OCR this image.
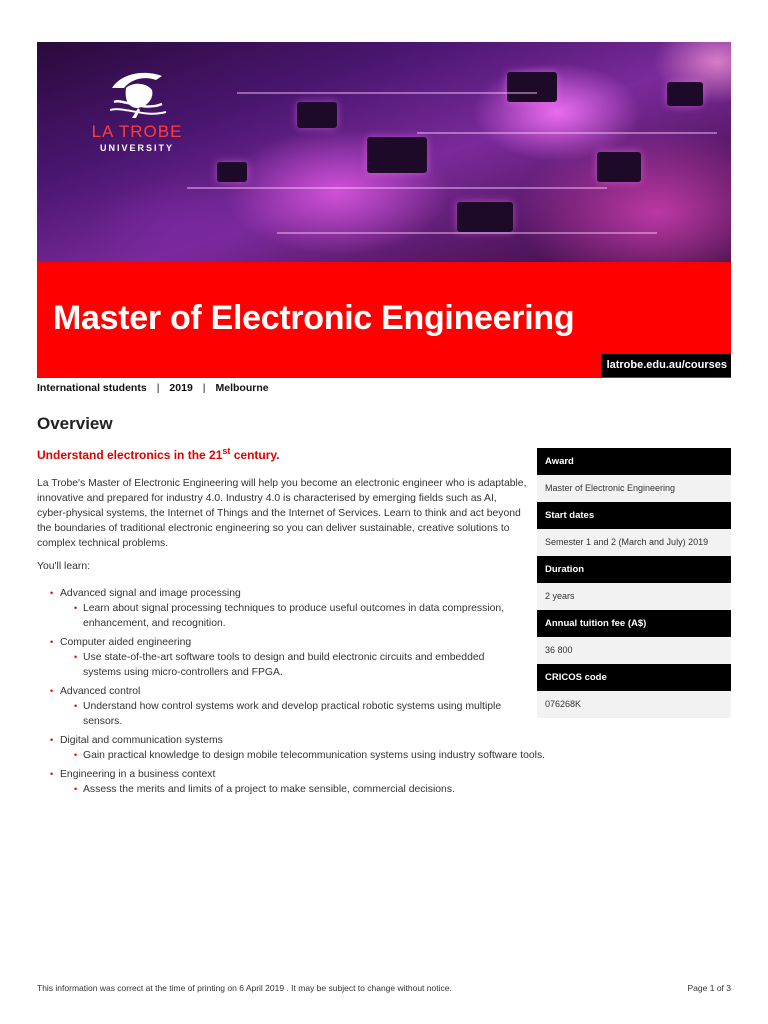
LA TROBE
UNIVERSITY
Master of Electronic Engineering
latrobe.edu.au/courses
International students | 2019 | Melbourne
Overview
Understand electronics in the 21st century.

La Trobe's Master of Electronic Engineering will help you become an electronic engineer who is adaptable, innovative and prepared for industry 4.0. Industry 4.0 is characterised by emerging fields such as AI, cyber-physical systems, the Internet of Things and the Internet of Services. Learn to think and act beyond the boundaries of traditional electronic engineering so you can deliver sustainable, creative solutions to complex technical problems.

You'll learn:

• Advanced signal and image processing
• Learn about signal processing techniques to produce useful outcomes in data compression, enhancement, and recognition.
• Computer aided engineering
• Use state-of-the-art software tools to design and build electronic circuits and embedded systems using micro-controllers and FPGA.
• Advanced control
• Understand how control systems work and develop practical robotic systems using multiple sensors.
• Digital and communication systems
• Gain practical knowledge to design mobile telecommunication systems using industry software tools.
• Engineering in a business context
• Assess the merits and limits of a project to make sensible, commercial decisions.
Award
Master of Electronic Engineering
Start dates
Semester 1 and 2 (March and July) 2019
Duration
2 years
Annual tuition fee (A$)
36 800
CRICOS code
076268K
This information was correct at the time of printing on 6 April 2019 . It may be subject to change without notice.	Page 1 of 3
